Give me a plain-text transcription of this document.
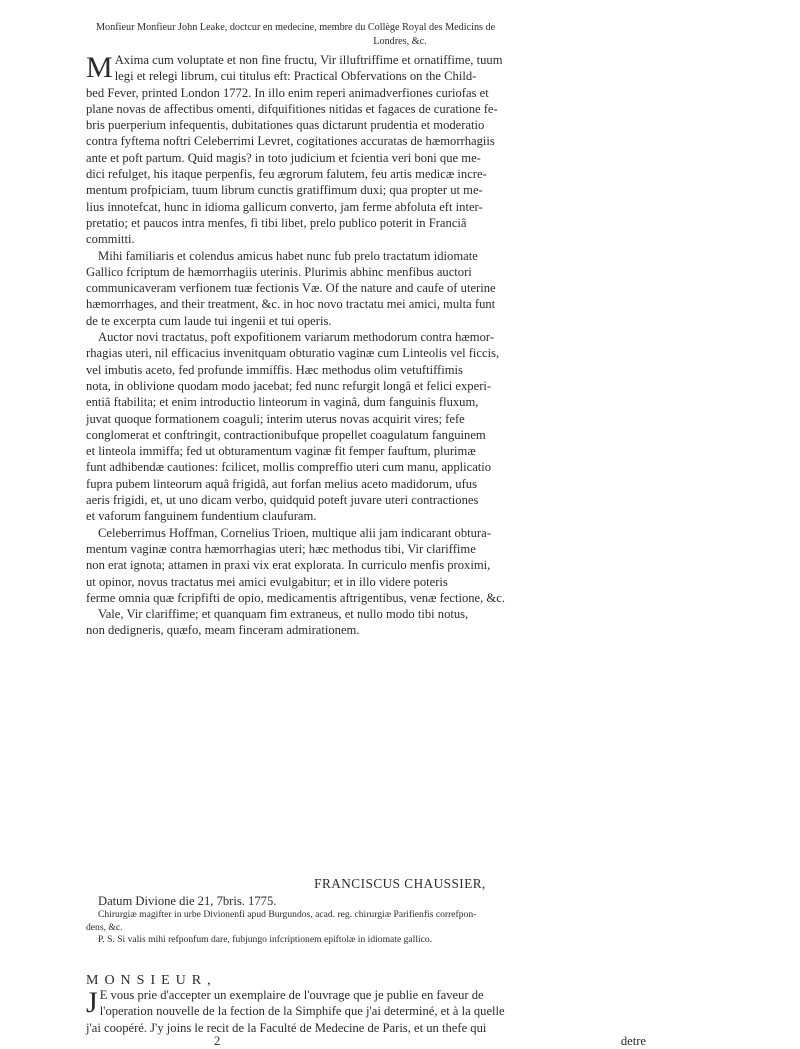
Monfieur Monfieur John Leake, doctcur en medecine, membre du Collège Royal des Medicins de
Londres, &c.
M Axima cum voluptate et non fine fructu, Vir illuftriffime et ornatiffime, tuum
legi et relegi librum, cui titulus eft: Practical Obfervations on the Child-
bed Fever, printed London 1772. In illo enim reperi animadverfiones curiofas et
plane novas de affectibus omenti, difquifitiones nitidas et fagaces de curatione fe-
bris puerperium infequentis, dubitationes quas dictarunt prudentia et moderatio
contra fyftema noftri Celeberrimi Levret, cogitationes accuratas de hæmorrhagiis
ante et poft partum. Quid magis? in toto judicium et fcientia veri boni que me-
dici refulget, his itaque perpenfis, feu ægrorum falutem, feu artis medicæ incre-
mentum profpiciam, tuum librum cunctis gratiffimum duxi; qua propter ut me-
lius innotefcat, hunc in idioma gallicum converto, jam ferme abfoluta eft inter-
pretatio; et paucos intra menfes, fi tibi libet, prelo publico poterit in Franciâ
committi.
Mihi familiaris et colendus amicus habet nunc fub prelo tractatum idiomate
Gallico fcriptum de hæmorrhagiis uterinis. Plurimis abhinc menfibus auctori
communicaveram verfionem tuæ fectionis Væ. Of the nature and caufe of uterine
hæmorrhages, and their treatment, &c. in hoc novo tractatu mei amici, multa funt
de te excerpta cum laude tui ingenii et tui operis.
Auctor novi tractatus, poft expofitionem variarum methodorum contra hæmor-
rhagias uteri, nil efficacius invenitquam obturatio vaginæ cum Linteolis vel ficcis,
vel imbutis aceto, fed profunde immiffis. Hæc methodus olim vetuftiffimis
nota, in oblivione quodam modo jacebat; fed nunc refurgit longâ et felici experi-
entiâ ftabilita; et enim introductio linteorum in vaginâ, dum fanguinis fluxum,
juvat quoque formationem coaguli; interim uterus novas acquirit vires; fefe
conglomerat et conftringit, contractionibufque propellet coagulatum fanguinem
et linteola immiffa; fed ut obturamentum vaginæ fit femper fauftum, plurimæ
funt adhibendæ cautiones: fcilicet, mollis compreffio uteri cum manu, applicatio
fupra pubem linteorum aquâ frigidâ, aut forfan melius aceto madidorum, ufus
aeris frigidi, et, ut uno dicam verbo, quidquid poteft juvare uteri contractiones
et vaforum fanguinem fundentium claufuram.
Celeberrimus Hoffman, Cornelius Trioen, multique alii jam indicarant obtura-
mentum vaginæ contra hæmorrhagias uteri; hæc methodus tibi, Vir clariffime
non erat ignota; attamen in praxi vix erat explorata. In curriculo menfis proximi,
ut opinor, novus tractatus mei amici evulgabitur; et in illo videre poteris
ferme omnia quæ fcripfifti de opio, medicamentis aftrigentibus, venæ fectione, &c.
Vale, Vir clariffime; et quanquam fim extraneus, et nullo modo tibi notus,
non dedigneris, quæfo, meam finceram admirationem.
FRANCISCUS CHAUSSIER,
Datum Divione die 21, 7bris. 1775.
Chirurgiæ magifter in urbe Divionenfi apud Burgundos, acad. reg. chirurgiæ Parifienfis correfpon-
dens, &c.
P. S. Si valis mihi refponfum dare, fubjungo infcriptionem epiftolæ in idiomate gallico.
MONSIEUR,
J E vous prie d'accepter un exemplaire de l'ouvrage que je publie en faveur de
l'operation nouvelle de la fection de la Simphife que j'ai determiné, et à la quelle
j'ai coopéré. J'y joins le recit de la Faculté de Medecine de Paris, et un thefe qui
2	detre
